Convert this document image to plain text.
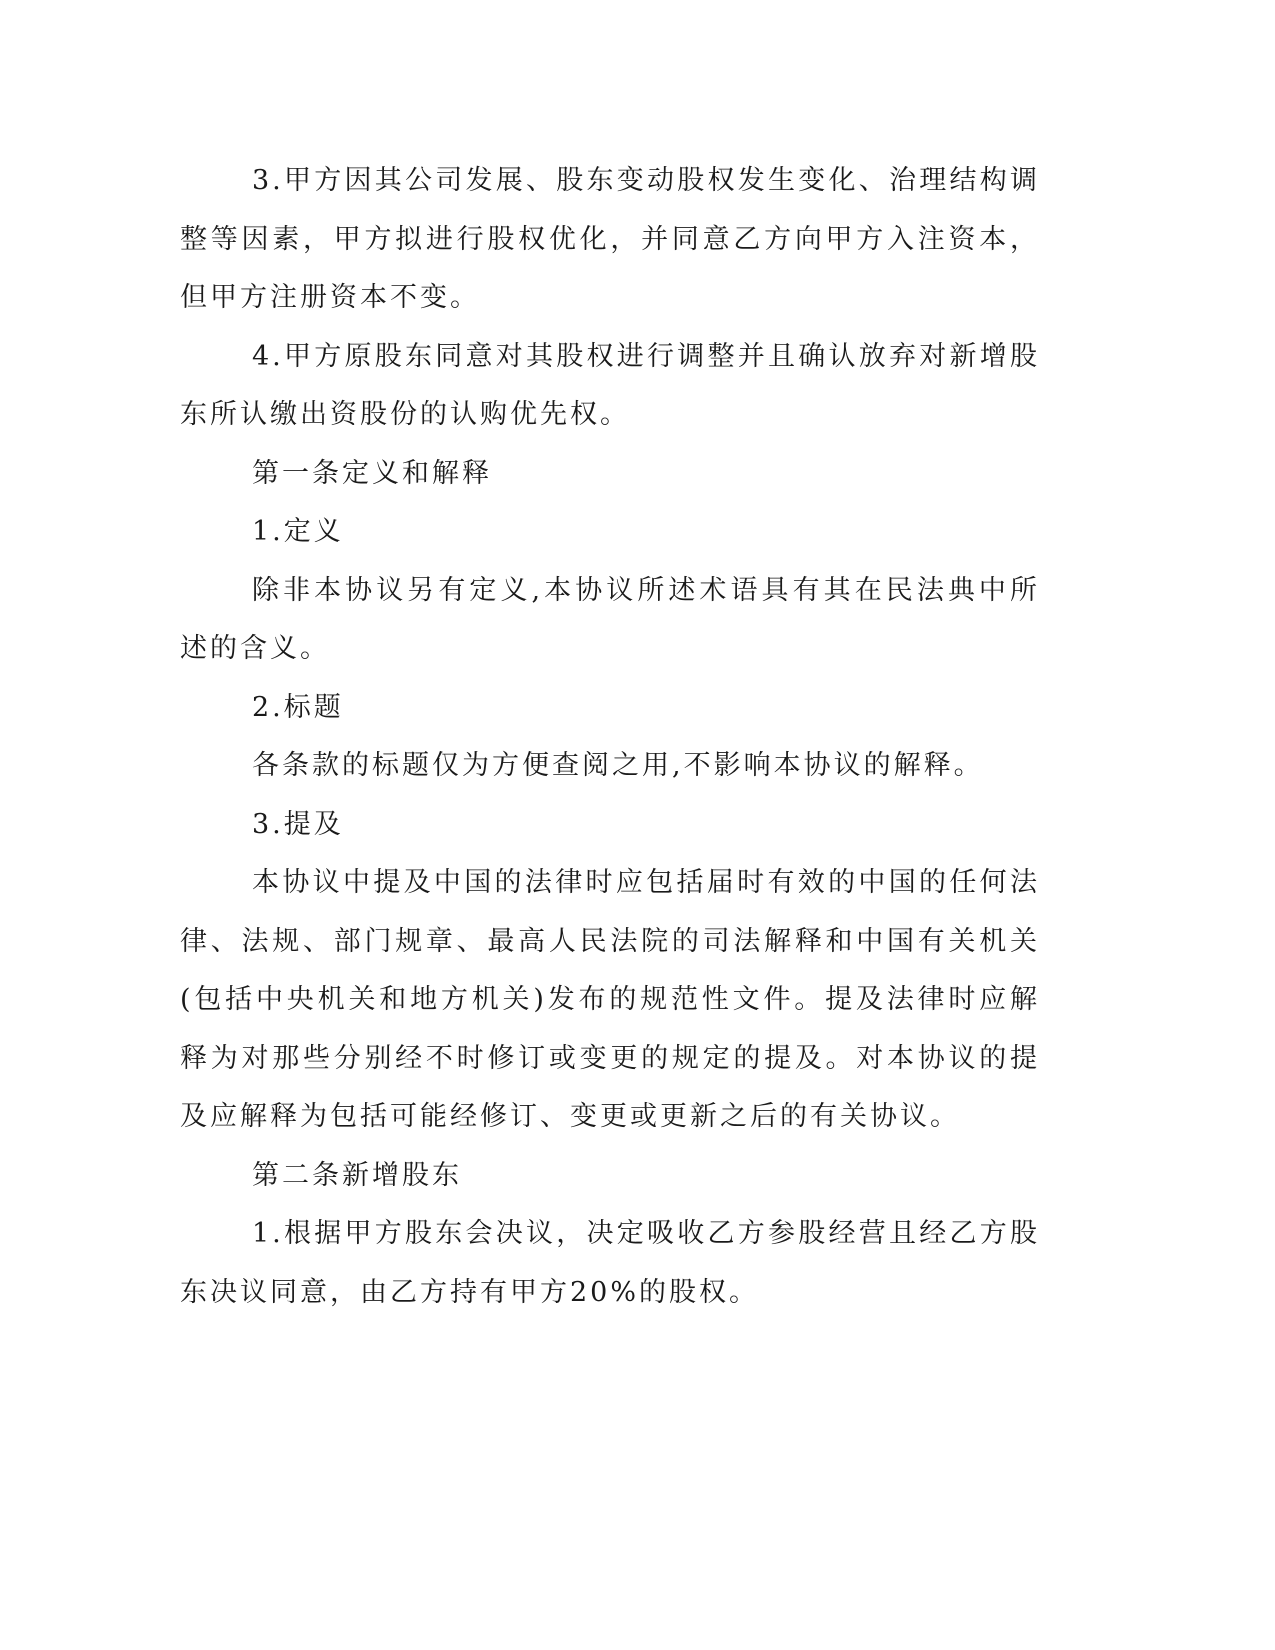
3.甲方因其公司发展、股东变动股权发生变化、治理结构调整等因素，甲方拟进行股权优化，并同意乙方向甲方入注资本，但甲方注册资本不变。

4.甲方原股东同意对其股权进行调整并且确认放弃对新增股东所认缴出资股份的认购优先权。

第一条定义和解释

1.定义

除非本协议另有定义,本协议所述术语具有其在民法典中所述的含义。

2.标题

各条款的标题仅为方便查阅之用,不影响本协议的解释。

3.提及

本协议中提及中国的法律时应包括届时有效的中国的任何法律、法规、部门规章、最高人民法院的司法解释和中国有关机关(包括中央机关和地方机关)发布的规范性文件。提及法律时应解释为对那些分别经不时修订或变更的规定的提及。对本协议的提及应解释为包括可能经修订、变更或更新之后的有关协议。

第二条新增股东

1.根据甲方股东会决议，决定吸收乙方参股经营且经乙方股东决议同意，由乙方持有甲方20%的股权。
